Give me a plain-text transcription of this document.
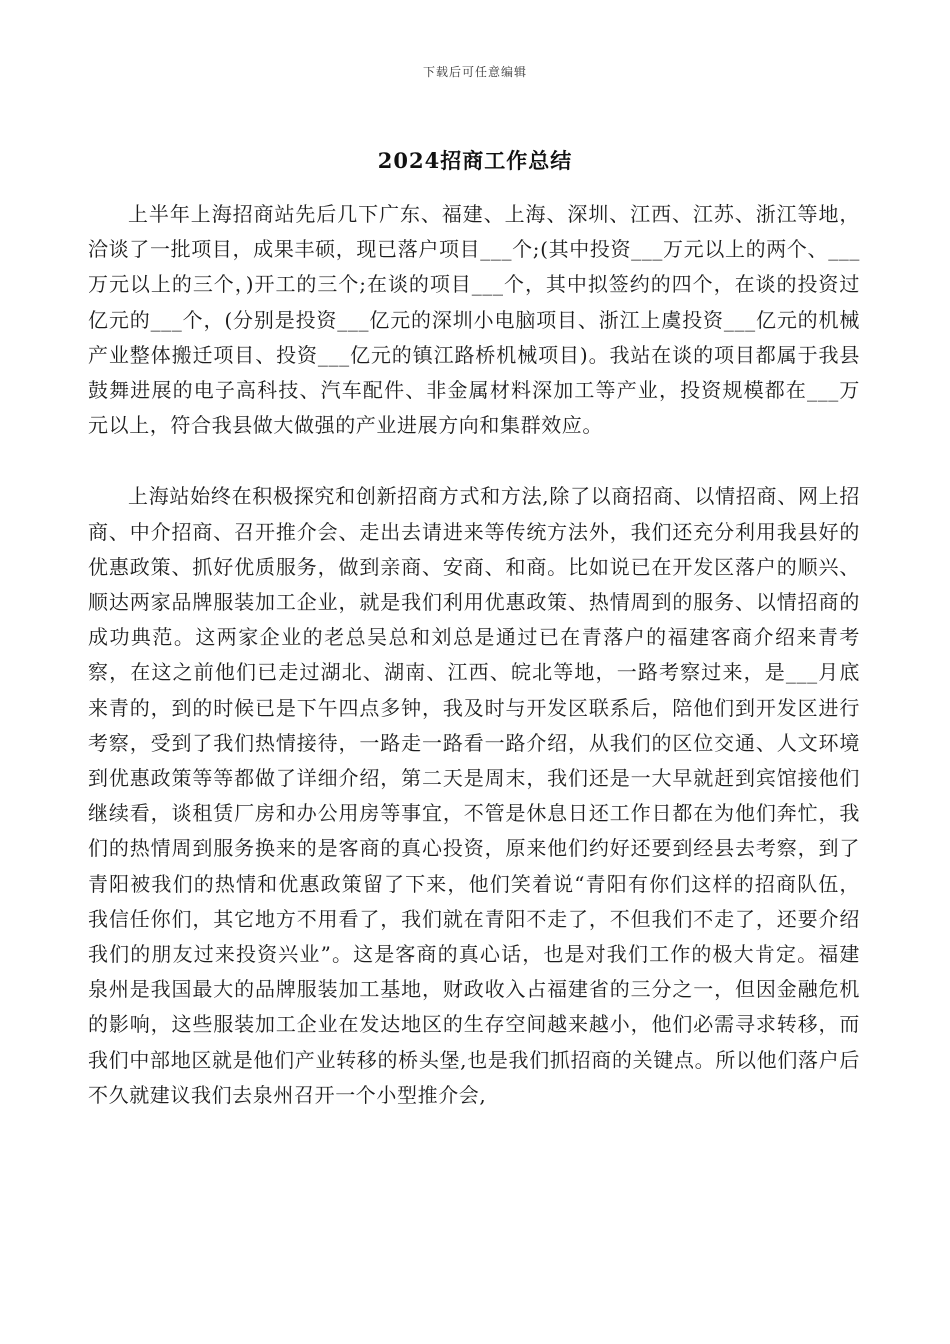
下载后可任意编辑
2024招商工作总结

上半年上海招商站先后几下广东、福建、上海、深圳、江西、江苏、浙江等地，洽谈了一批项目，成果丰硕，现已落户项目___个;(其中投资___万元以上的两个、___万元以上的三个，)开工的三个;在谈的项目___个，其中拟签约的四个，在谈的投资过亿元的___个，(分别是投资___亿元的深圳小电脑项目、浙江上虞投资___亿元的机械产业整体搬迁项目、投资___亿元的镇江路桥机械项目)。我站在谈的项目都属于我县鼓舞进展的电子高科技、汽车配件、非金属材料深加工等产业，投资规模都在___万元以上，符合我县做大做强的产业进展方向和集群效应。

上海站始终在积极探究和创新招商方式和方法,除了以商招商、以情招商、网上招商、中介招商、召开推介会、走出去请进来等传统方法外，我们还充分利用我县好的优惠政策、抓好优质服务，做到亲商、安商、和商。比如说已在开发区落户的顺兴、顺达两家品牌服装加工企业，就是我们利用优惠政策、热情周到的服务、以情招商的成功典范。这两家企业的老总吴总和刘总是通过已在青落户的福建客商介绍来青考察，在这之前他们已走过湖北、湖南、江西、皖北等地，一路考察过来，是___月底来青的，到的时候已是下午四点多钟，我及时与开发区联系后，陪他们到开发区进行考察，受到了我们热情接待，一路走一路看一路介绍，从我们的区位交通、人文环境到优惠政策等等都做了详细介绍，第二天是周末，我们还是一大早就赶到宾馆接他们继续看，谈租赁厂房和办公用房等事宜，不管是休息日还工作日都在为他们奔忙，我们的热情周到服务换来的是客商的真心投资，原来他们约好还要到经县去考察，到了青阳被我们的热情和优惠政策留了下来，他们笑着说“青阳有你们这样的招商队伍，我信任你们，其它地方不用看了，我们就在青阳不走了，不但我们不走了，还要介绍我们的朋友过来投资兴业”。这是客商的真心话，也是对我们工作的极大肯定。福建泉州是我国最大的品牌服装加工基地，财政收入占福建省的三分之一，但因金融危机的影响，这些服装加工企业在发达地区的生存空间越来越小，他们必需寻求转移，而我们中部地区就是他们产业转移的桥头堡,也是我们抓招商的关键点。所以他们落户后不久就建议我们去泉州召开一个小型推介会,
